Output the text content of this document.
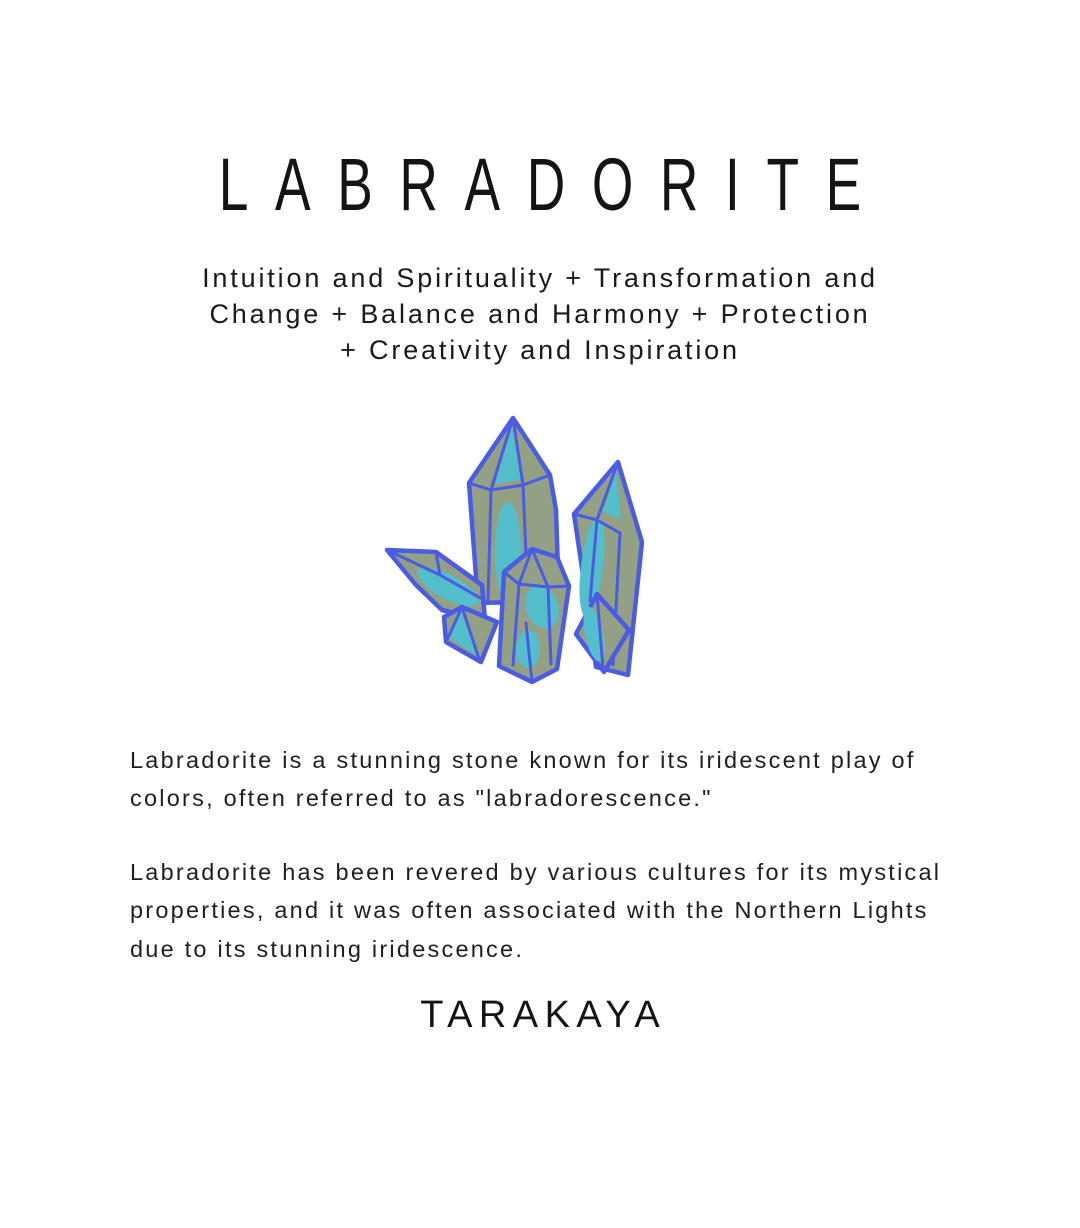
LABRADORITE
Intuition and Spirituality + Transformation and
Change + Balance and Harmony + Protection
+ Creativity and Inspiration

Labradorite is a stunning stone known for its iridescent play of colors, often referred to as "labradorescence."

Labradorite has been revered by various cultures for its mystical properties, and it was often associated with the Northern Lights due to its stunning iridescence.

TARAKAYA
